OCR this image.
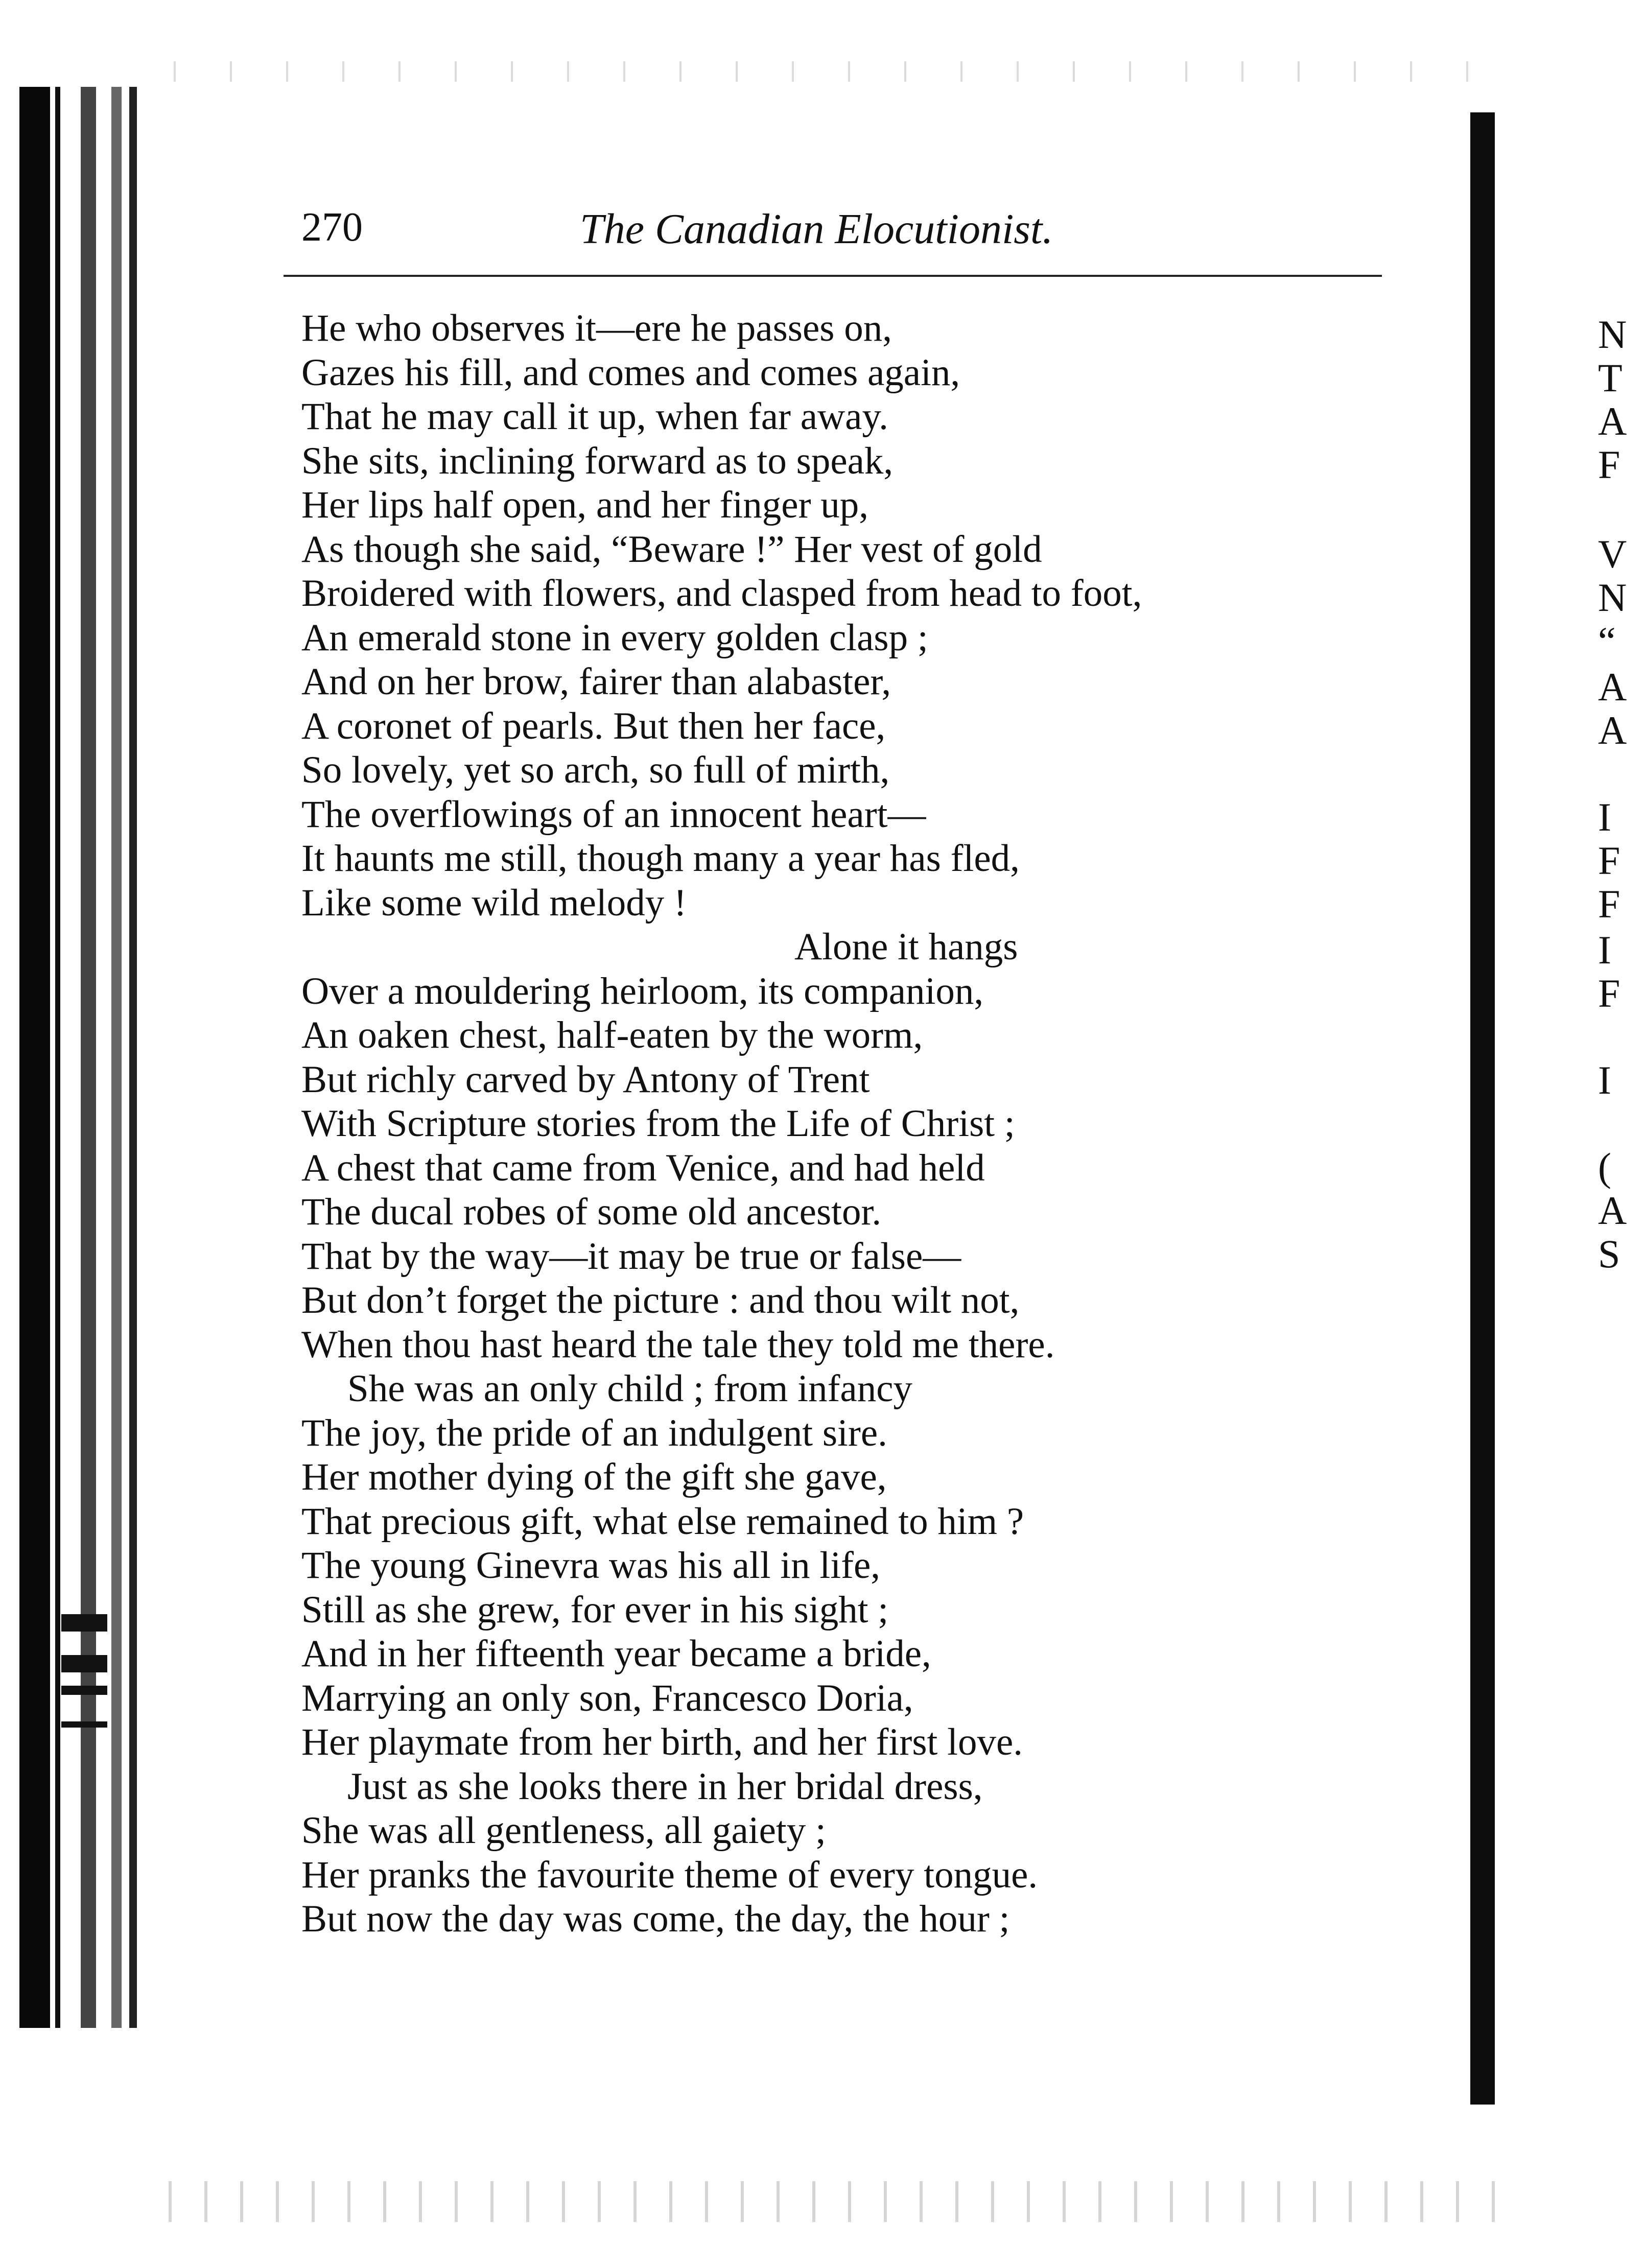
N
T
A
F
V
N
“
A
A
I
F
F
I
F
I
(
A
S
270	The Canadian Elocutionist.
He who observes it—ere he passes on,
Gazes his fill, and comes and comes again,
That he may call it up, when far away.
She sits, inclining forward as to speak,
Her lips half open, and her finger up,
As though she said, “Beware !” Her vest of gold
Broidered with flowers, and clasped from head to foot,
An emerald stone in every golden clasp ;
And on her brow, fairer than alabaster,
A coronet of pearls. But then her face,
So lovely, yet so arch, so full of mirth,
The overflowings of an innocent heart—
It haunts me still, though many a year has fled,
Like some wild melody !
Alone it hangs
Over a mouldering heirloom, its companion,
An oaken chest, half-eaten by the worm,
But richly carved by Antony of Trent
With Scripture stories from the Life of Christ ;
A chest that came from Venice, and had held
The ducal robes of some old ancestor.
That by the way—it may be true or false—
But don’t forget the picture : and thou wilt not,
When thou hast heard the tale they told me there.
She was an only child ; from infancy
The joy, the pride of an indulgent sire.
Her mother dying of the gift she gave,
That precious gift, what else remained to him ?
The young Ginevra was his all in life,
Still as she grew, for ever in his sight ;
And in her fifteenth year became a bride,
Marrying an only son, Francesco Doria,
Her playmate from her birth, and her first love.
Just as she looks there in her bridal dress,
She was all gentleness, all gaiety ;
Her pranks the favourite theme of every tongue.
But now the day was come, the day, the hour ;
